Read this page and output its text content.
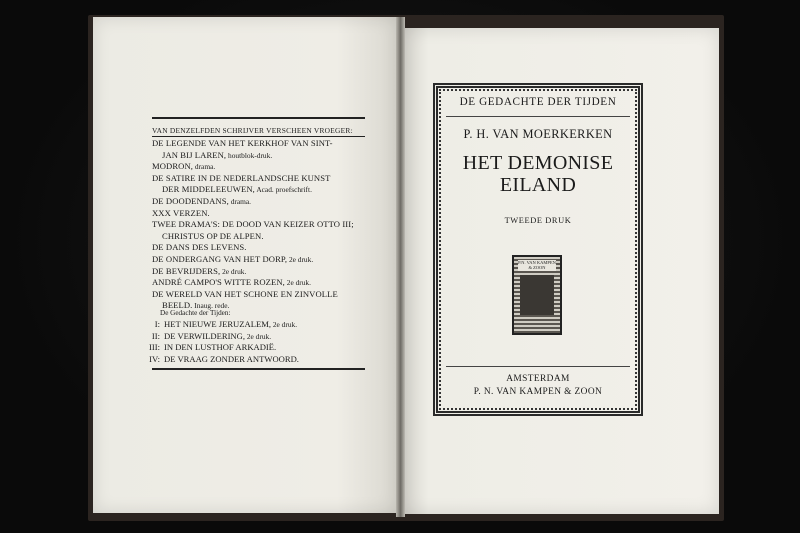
VAN DENZELFDEN SCHRIJVER VERSCHEEN VROEGER:
DE LEGENDE VAN HET KERKHOF VAN SINT-
JAN BIJ LAREN, houtblok-druk.
MODRON, drama.
DE SATIRE IN DE NEDERLANDSCHE KUNST
DER MIDDELEEUWEN, Acad. proefschrift.
DE DOODENDANS, drama.
XXX VERZEN.
TWEE DRAMA'S: DE DOOD VAN KEIZER OTTO III;
CHRISTUS OP DE ALPEN.
DE DANS DES LEVENS.
DE ONDERGANG VAN HET DORP, 2e druk.
DE BEVRIJDERS, 2e druk.
ANDRÉ CAMPO'S WITTE ROZEN, 2e druk.
DE WERELD VAN HET SCHONE EN ZINVOLLE
BEELD. Inaug. rede.
De Gedachte der Tijden:
I: HET NIEUWE JERUZALEM, 2e druk.
II: DE VERWILDERING, 2e druk.
III: IN DEN LUSTHOF ARKADIË.
IV: DE VRAAG ZONDER ANTWOORD.
DE GEDACHTE DER TIJDEN
P. H. VAN MOERKERKEN
HET DEMONISE
EILAND
TWEEDE DRUK
P.N. VAN KAMPEN & ZOON
AMSTERDAM
P. N. VAN KAMPEN & ZOON
